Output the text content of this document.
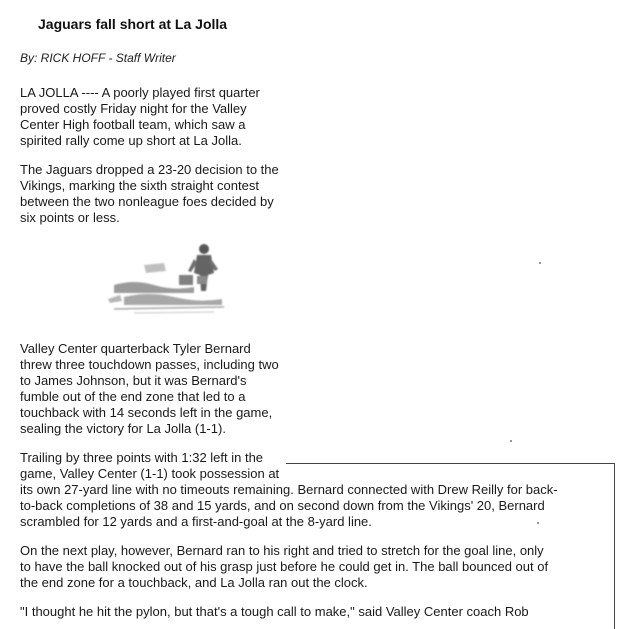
Jaguars fall short at La Jolla
By: RICK HOFF - Staff Writer
LA JOLLA ---- A poorly played first quarter
proved costly Friday night for the Valley
Center High football team, which saw a
spirited rally come up short at La Jolla.
The Jaguars dropped a 23-20 decision to the
Vikings, marking the sixth straight contest
between the two nonleague foes decided by
six points or less.
Valley Center quarterback Tyler Bernard
threw three touchdown passes, including two
to James Johnson, but it was Bernard's
fumble out of the end zone that led to a
touchback with 14 seconds left in the game,
sealing the victory for La Jolla (1-1).
Trailing by three points with 1:32 left in the
game, Valley Center (1-1) took possession at
its own 27-yard line with no timeouts remaining. Bernard connected with Drew Reilly for back-
to-back completions of 38 and 15 yards, and on second down from the Vikings' 20, Bernard
scrambled for 12 yards and a first-and-goal at the 8-yard line.
On the next play, however, Bernard ran to his right and tried to stretch for the goal line, only
to have the ball knocked out of his grasp just before he could get in. The ball bounced out of
the end zone for a touchback, and La Jolla ran out the clock.
"I thought he hit the pylon, but that's a tough call to make," said Valley Center coach Rob
